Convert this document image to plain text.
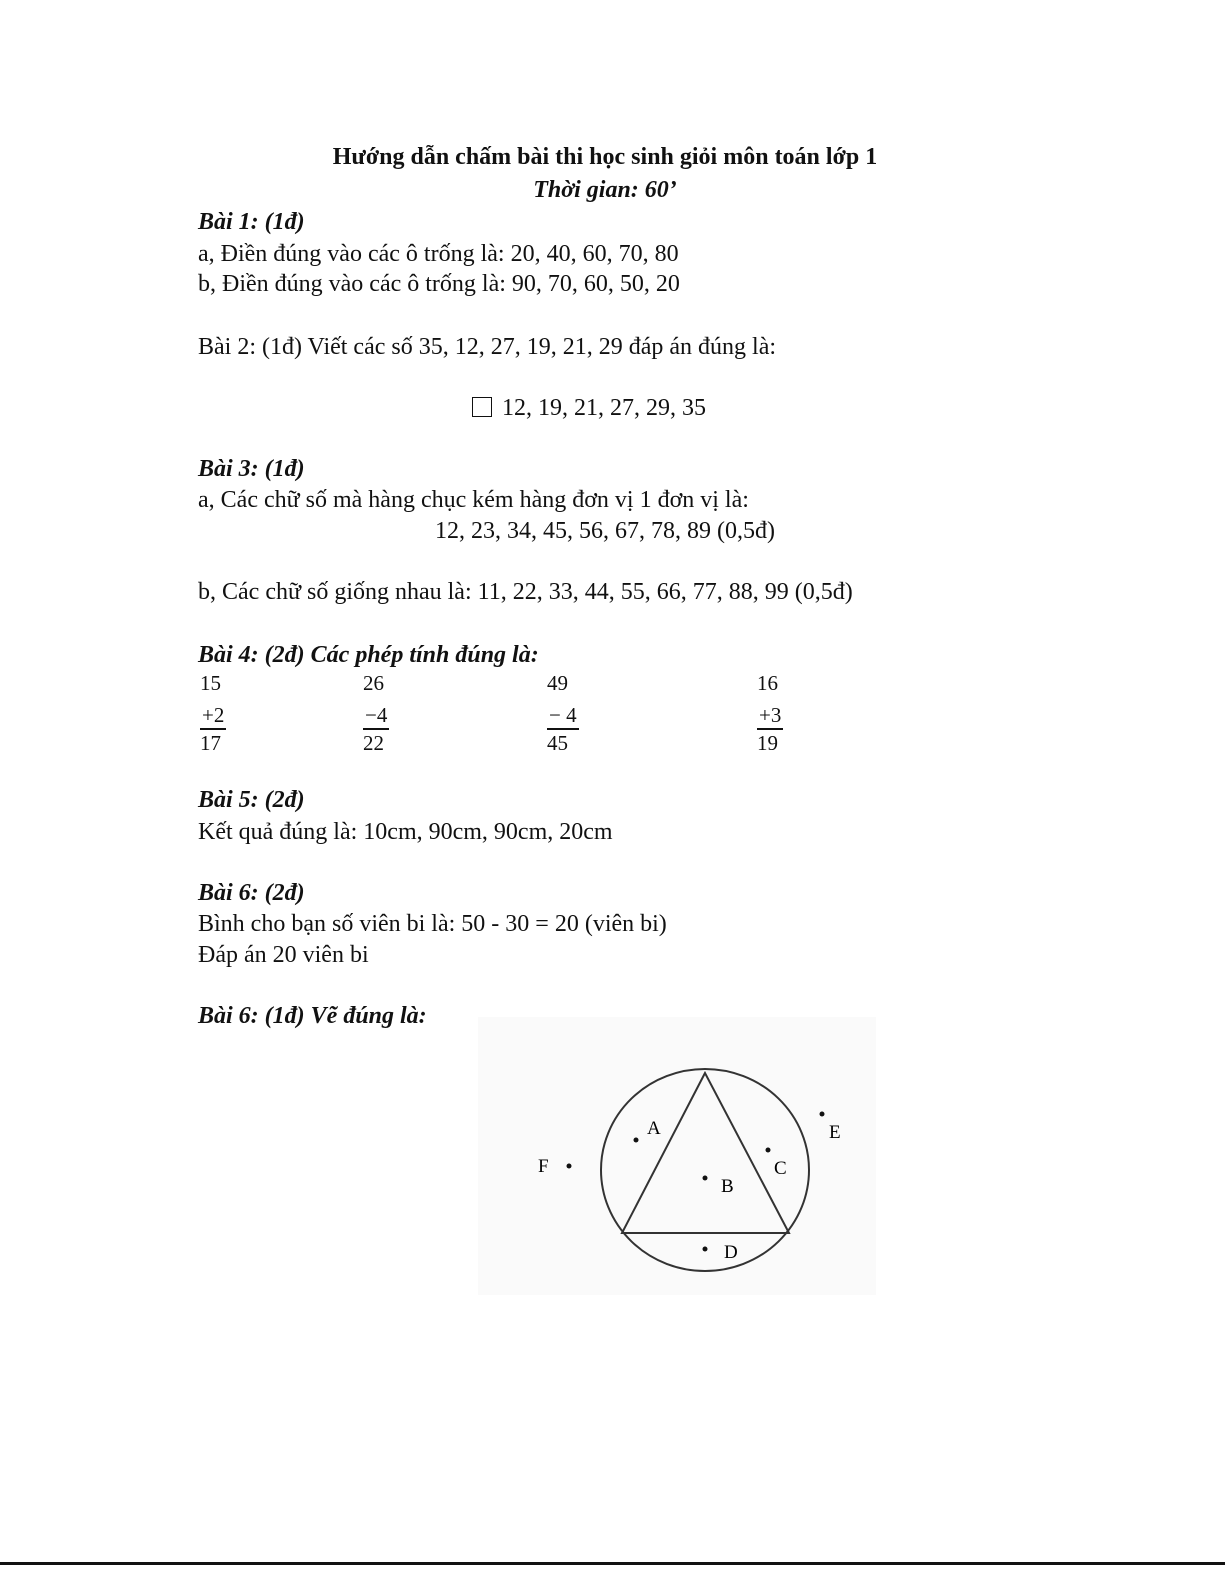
Hướng dẫn chấm bài thi học sinh giỏi môn toán lớp 1
Thời gian: 60’
Bài 1: (1đ)
a, Điền đúng vào các ô trống là: 20, 40, 60, 70, 80
b, Điền đúng vào các ô trống là: 90, 70, 60, 50, 20
Bài 2: (1đ) Viết các số 35, 12, 27, 19, 21, 29 đáp án đúng là:
12, 19, 21, 27, 29, 35
Bài 3: (1đ)
a, Các chữ số mà hàng chục kém hàng đơn vị 1 đơn vị là:
12, 23, 34, 45, 56, 67, 78, 89 (0,5đ)
b, Các chữ số giống nhau là: 11, 22, 33, 44, 55, 66, 77, 88, 99 (0,5đ)
Bài 4: (2đ) Các phép tính đúng là:
15
+2
17
26
−4
22
49
− 4
45
16
+3
19
Bài 5: (2đ)
Kết quả đúng là: 10cm, 90cm, 90cm, 20cm
Bài 6: (2đ)
Bình cho bạn số viên bi là: 50 - 30 = 20 (viên bi)
Đáp án 20 viên bi
Bài 6: (1đ) Vẽ đúng là:
A
B
C
D
E
F
